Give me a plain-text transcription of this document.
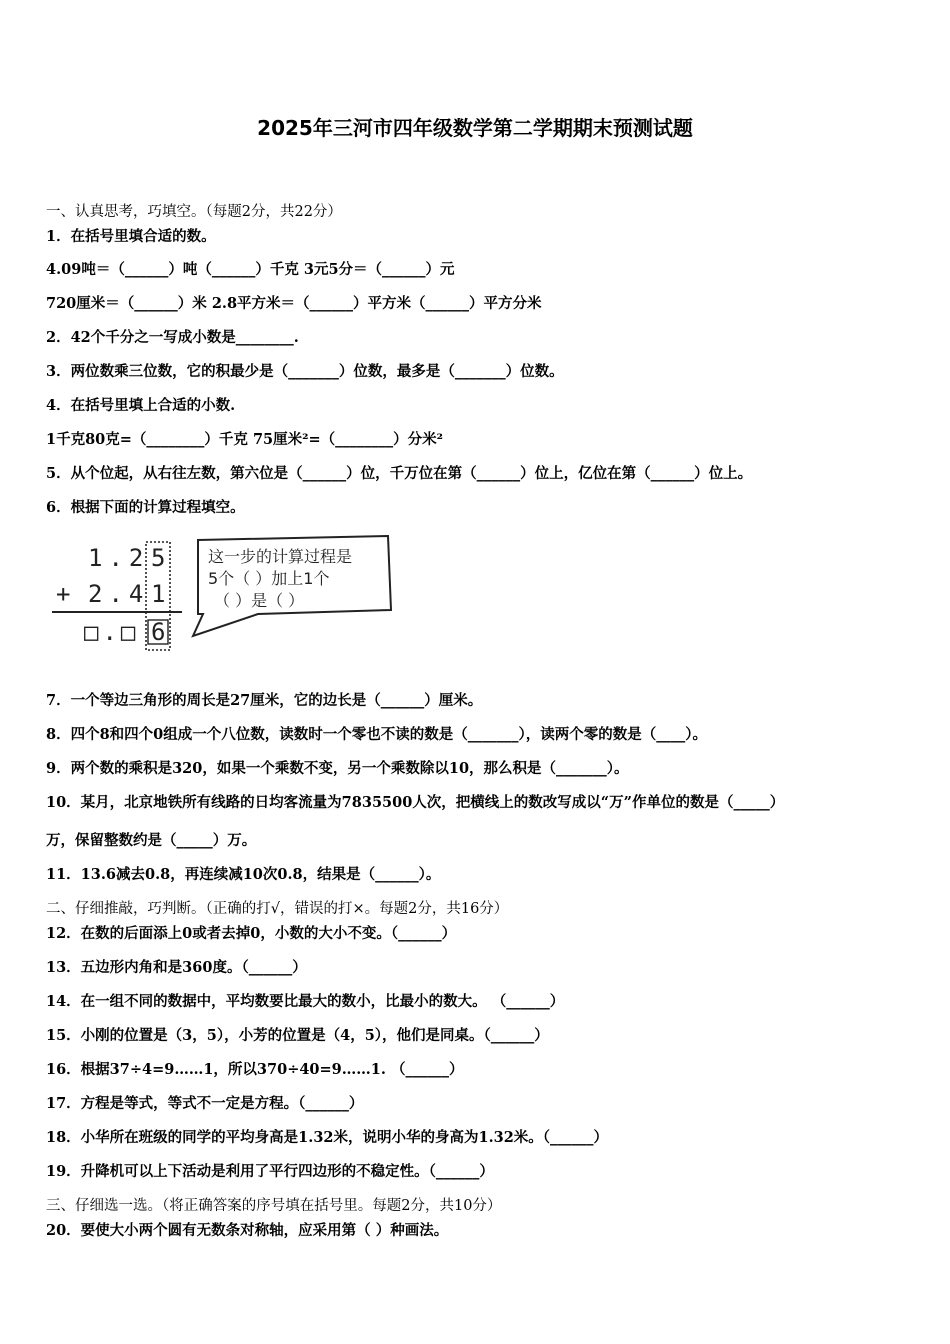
2025年三河市四年级数学第二学期期末预测试题
一、认真思考，巧填空。（每题2分，共22分）
1．在括号里填合适的数。
4.09吨＝（______）吨（______）千克 3元5分＝（______）元
720厘米＝（______）米 2.8平方米＝（______）平方米（______）平方分米
2．42个千分之一写成小数是________.
3．两位数乘三位数，它的积最少是（_______）位数，最多是（_______）位数。
4．在括号里填上合适的小数.
1千克80克=（________）千克 75厘米²=（________）分米²
5．从个位起，从右往左数，第六位是（______）位，千万位在第（______）位上，亿位在第（______）位上。
6．根据下面的计算过程填空。
1.2 5
+ 2.4 1
□.□ 6
这一步的计算过程是
5个（ ）加上1个
（ ）是（ ）
7．一个等边三角形的周长是27厘米，它的边长是（______）厘米。
8．四个8和四个0组成一个八位数，读数时一个零也不读的数是（_______），读两个零的数是（____）。
9．两个数的乘积是320，如果一个乘数不变，另一个乘数除以10，那么积是（_______）。
10．某月，北京地铁所有线路的日均客流量为7835500人次，把横线上的数改写成以“万”作单位的数是（_____）
万，保留整数约是（_____）万。
11．13.6减去0.8，再连续减10次0.8，结果是（______）。
二、仔细推敲，巧判断。（正确的打√，错误的打×。每题2分，共16分）
12．在数的后面添上0或者去掉0，小数的大小不变。（______）
13．五边形内角和是360度。（______）
14．在一组不同的数据中，平均数要比最大的数小，比最小的数大。 （______）
15．小刚的位置是（3，5），小芳的位置是（4，5），他们是同桌。（______）
16．根据37÷4=9……1，所以370÷40=9……1. （______）
17．方程是等式，等式不一定是方程。（______）
18．小华所在班级的同学的平均身高是1.32米，说明小华的身高为1.32米。（______）
19．升降机可以上下活动是利用了平行四边形的不稳定性。（______）
三、仔细选一选。（将正确答案的序号填在括号里。每题2分，共10分）
20．要使大小两个圆有无数条对称轴，应采用第（ ）种画法。
